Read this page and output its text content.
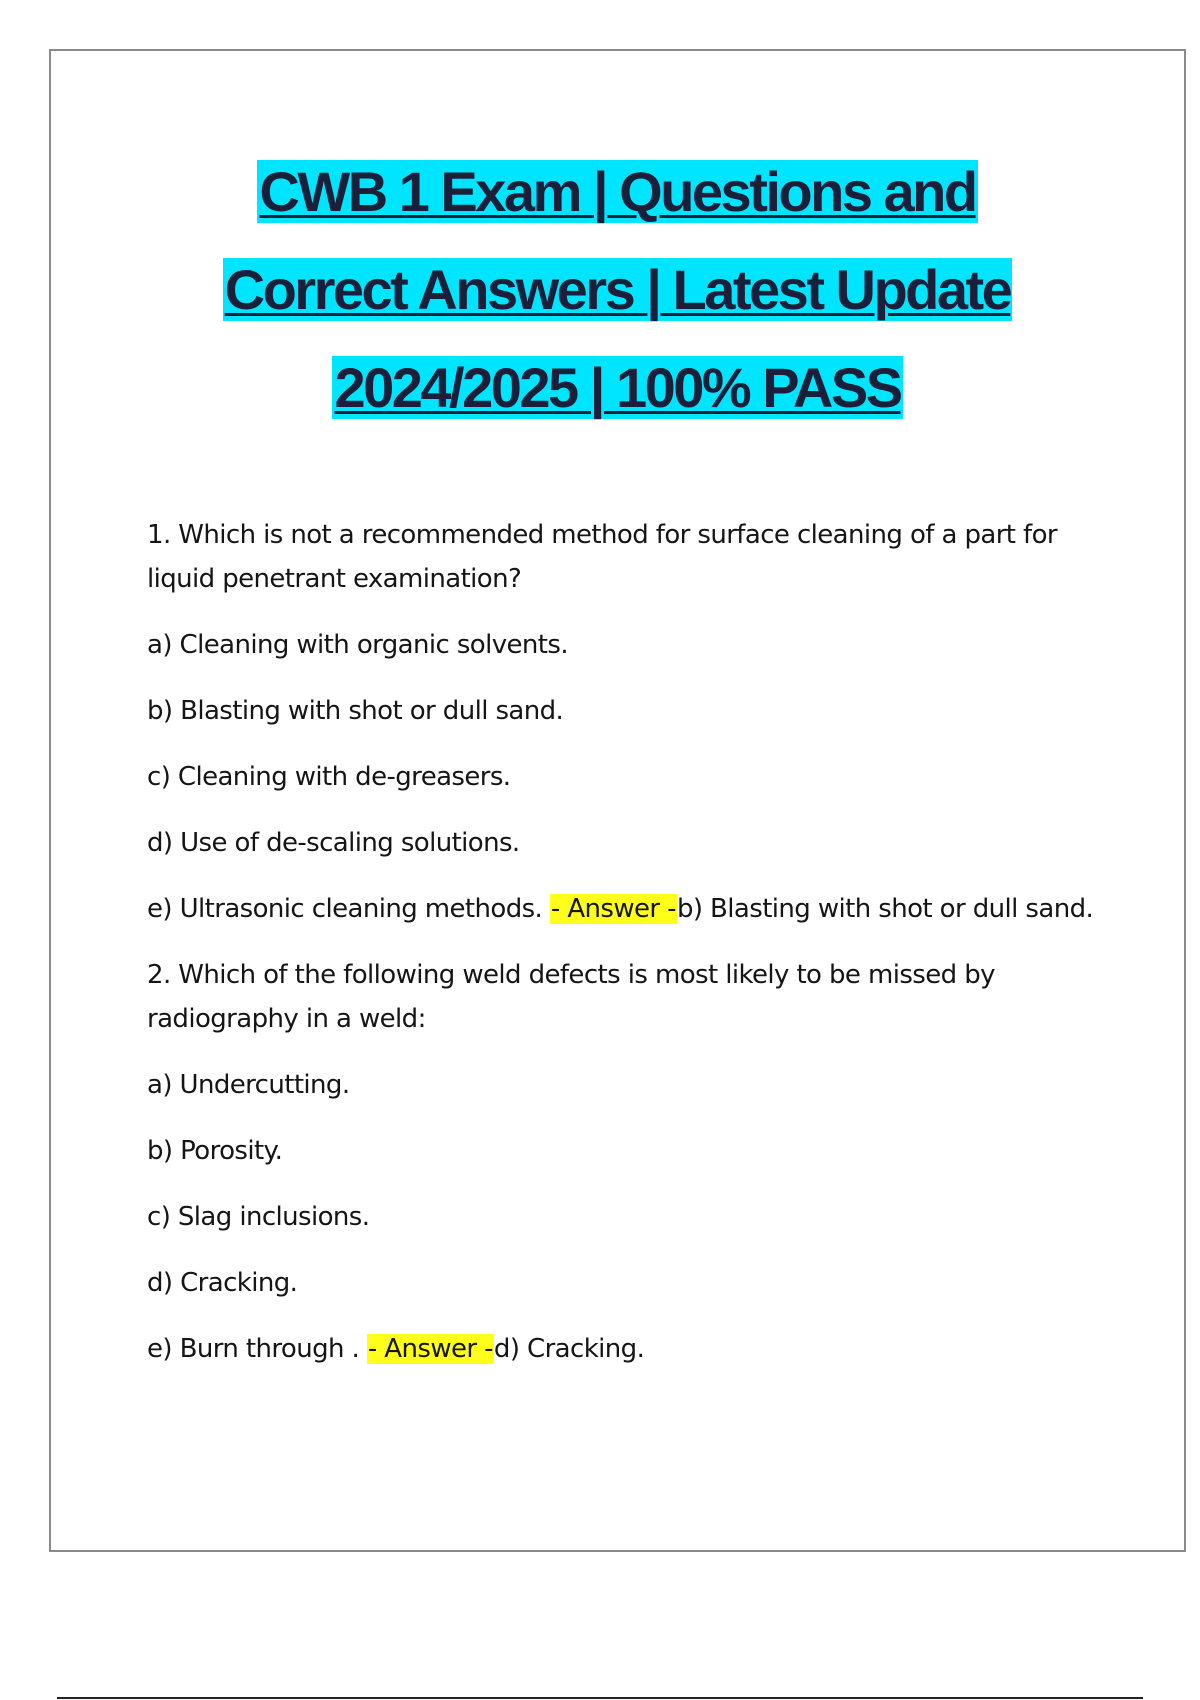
CWB 1 Exam | Questions and
Correct Answers | Latest Update
2024/2025 | 100% PASS

1. Which is not a recommended method for surface cleaning of a part for liquid penetrant examination?

a) Cleaning with organic solvents.

b) Blasting with shot or dull sand.

c) Cleaning with de-greasers.

d) Use of de-scaling solutions.

e) Ultrasonic cleaning methods. - Answer -b) Blasting with shot or dull sand.

2. Which of the following weld defects is most likely to be missed by radiography in a weld:

a) Undercutting.

b) Porosity.

c) Slag inclusions.

d) Cracking.

e) Burn through . - Answer -d) Cracking.
